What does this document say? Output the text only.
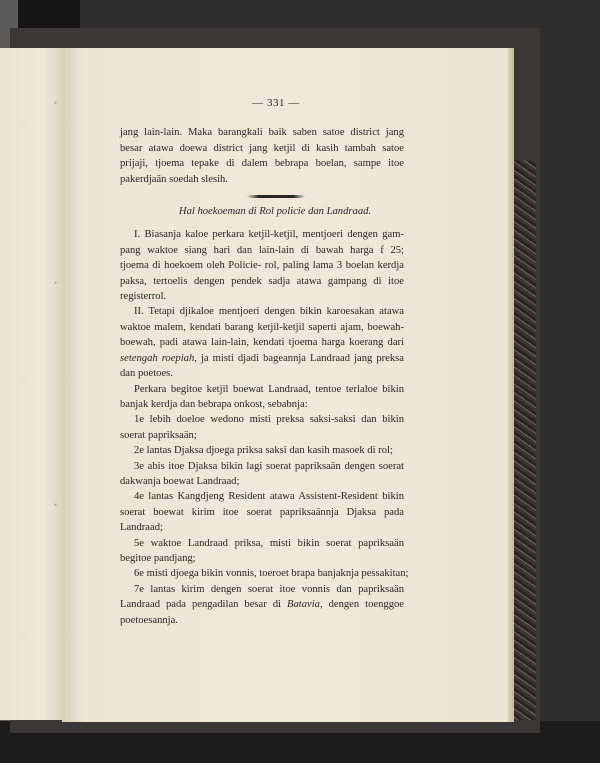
•
•
•
— 331 —
jang lain-lain. Maka barangkali baik saben satoe district jang
besar atawa doewa district jang ketjil di kasih tambah satoe
prijaji, tjoema tepake di dalem bebrapa boelan, sampe itoe
pakerdjaän soedah slesih.
Hal hoekoeman di Rol policie dan Landraad.
I. Biasanja kaloe perkara ketjil-ketjil, mentjoeri dengen gam-
pang waktoe siang hari dan lain-lain di bawah harga f 25;
tjoema di hoekoem oleh Policie- rol, paling lama 3 boelan kerdja
paksa, tertoelis dengen pendek sadja atawa gampang di itoe
registerrol.
II. Tetapi djikaloe mentjoeri dengen bikin karoesakan atawa
waktoe malem, kendati barang ketjil-ketjil saperti ajam, boewah-
boewah, padi atawa lain-lain, kendati tjoema harga koerang dari
setengah roepiah, ja misti djadi bageannja Landraad jang preksa
dan poetoes.
Perkara begitoe ketjil boewat Landraad, tentoe terlaloe bikin
banjak kerdja dan bebrapa onkost, sebabnja:
1e lebih doeloe wedono misti preksa saksi-saksi dan bikin
soerat papriksaän;
2e lantas Djaksa djoega priksa saksi dan kasih masoek di rol;
3e abis itoe Djaksa bikin lagi soerat papriksaän dengen soerat
dakwanja boewat Landraad;
4e lantas Kangdjeng Resident atawa Assistent-Resident bikin
soerat boewat kirim itoe soerat papriksaännja Djaksa pada
Landraad;
5e waktoe Landraad priksa, misti bikin soerat papriksaän
begitoe pandjang;
6e misti djoega bikin vonnis, toeroet brapa banjaknja pessakitan;
7e lantas kirim dengen soerat itoe vonnis dan papriksaän
Landraad pada pengadilan besar di Batavia, dengen toenggoe
poetoesannja.
